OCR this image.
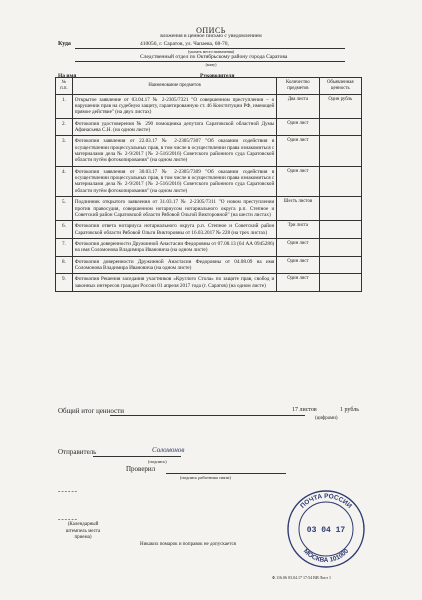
ОПИСЬ
вложения в ценное письмо с уведомлением
Куда	410056, г. Саратов, ул. Чапаева, 68-70,
(указать место назначения)
Следственный отдел по Октябрьскому району города Саратова
(кому)
На имя	Руководителя
№ п.п.	Наименование предметов	Количество предметов	Объявленная ценность
1.	Открытое заявление от 03.04.17 № 2-2305/7321 "О совершенном преступлении – о нарушении прав на судебную защиту, гарантированную ст. 46 Конституции РФ, имеющей прямое действие" (на двух листах)	Два листа	Один рубль
2.	Фотокопия удостоверения № 290 помощника депутата Саратовской областной Думы Афанасьева С.Н. (на одном листе)	Один лист	
3.	Фотокопия заявления от 22.03.17 № 2-2305/7307 "Об оказании содействия в осуществлении процессуальных прав, в том числе в осуществлении права ознакомиться с материалами дела № 2-9/2017 (№ 2-516/2016) Советского районного суда Саратовской области путём фотокопирования" (на одном листе)	Один лист	
4.	Фотокопия заявления от 30.03.17 № 2-2305/7309 "Об оказании содействия в осуществлении процессуальных прав, в том числе в осуществлении права ознакомиться с материалами дела № 2-9/2017 (№ 2-516/2016) Советского районного суда Саратовской области путём фотокопирования" (на одном листе)	Один лист	
5.	Подлинник открытого заявления от 31.03.17 № 2-2305/7311 "О новом преступлении против правосудия, совершенном нотариусом нотариального округа р.п. Степное и Советский район Саратовской области Рябовой Ольгой Викторовной" (на шести листах)	Шесть листов	
6.	Фотокопия ответа нотариуса нотариального округа р.п. Степное и Советский район Саратовской области Рябовой Ольги Викторовны от 16.03.2017 № 228 (на трех листах)	Три листа	
7.	Фотокопия доверенности Дружинной Анастасии Федоровны от 07.08.13 (64 АА 0945286) на имя Соломонова Владимира Ивановича (на одном листе)	Один лист	
8.	Фотокопия доверенности Дружинной Анастасии Федоровны от 04.08.09 на имя Соломонова Владимира Ивановича (на одном листе)	Один лист	
9.	Фотокопия Решения заседания участников «Круглого Стола» по защите прав, свобод и законных интересов граждан России 01 апреля 2017 года (г. Саратов) (на одном листе)	Один лист	
Общий итог ценности	17 листов	1 рубль
(цифрами)
Отправитель	Соломонов
(подпись)
Проверил
(подпись работника связи)
------
------
(Календарный штемпель места приема)
Никаких помарок и поправок не допускается
Ф.116.06 03.04.17 17:54 ВИ Лист 1
ПОЧТА РОССИИ
03 04 17
МОСКВА 101000
